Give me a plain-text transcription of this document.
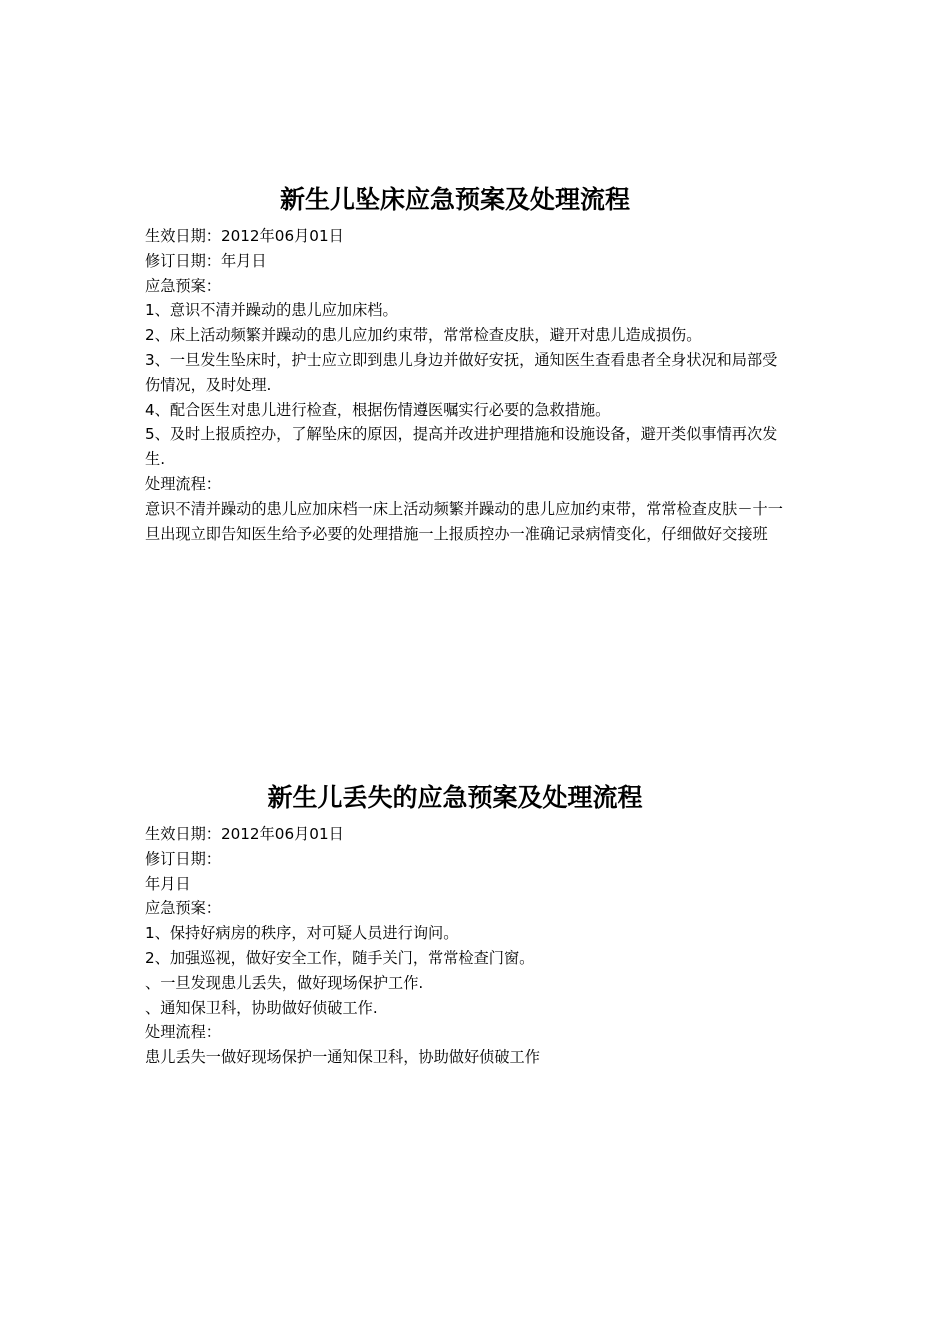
新生儿坠床应急预案及处理流程

生效日期：2012年06月01日

修订日期：年月日

应急预案：

1、意识不清并躁动的患儿应加床档。

2、床上活动频繁并躁动的患儿应加约束带，常常检查皮肤，避开对患儿造成损伤。

3、一旦发生坠床时，护士应立即到患儿身边并做好安抚，通知医生查看患者全身状况和局部受伤情况，及时处理.

4、配合医生对患儿进行检查，根据伤情遵医嘱实行必要的急救措施。

5、及时上报质控办，了解坠床的原因，提高并改进护理措施和设施设备，避开类似事情再次发生.

处理流程：

意识不清并躁动的患儿应加床档一床上活动频繁并躁动的患儿应加约束带，常常检查皮肤－十一旦出现立即告知医生给予必要的处理措施一上报质控办一准确记录病情变化，仔细做好交接班

新生儿丢失的应急预案及处理流程

生效日期：2012年06月01日

修订日期：

年月日

应急预案：

1、保持好病房的秩序，对可疑人员进行询问。

2、加强巡视，做好安全工作，随手关门，常常检查门窗。

、一旦发现患儿丢失，做好现场保护工作.

、通知保卫科，协助做好侦破工作.

处理流程：

患儿丢失一做好现场保护一通知保卫科，协助做好侦破工作
